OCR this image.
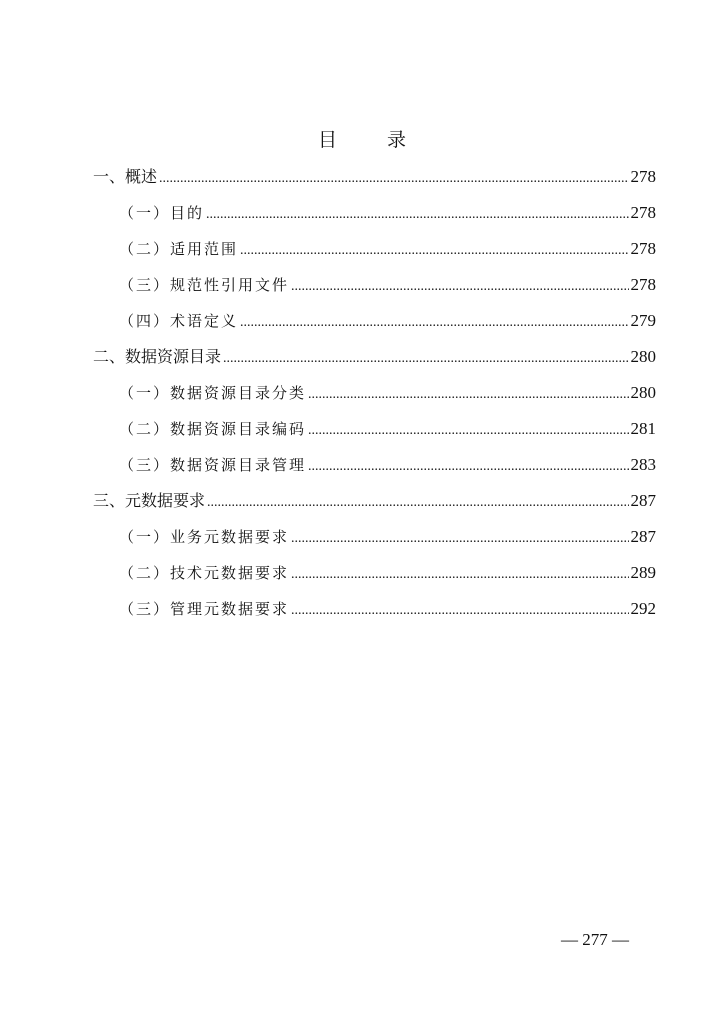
目 录
一、概述 .....	278
（一）目的 .....	278
（二）适用范围 .....	278
（三）规范性引用文件 .....	278
（四）术语定义 .....	279
二、数据资源目录 .....	280
（一）数据资源目录分类 .....	280
（二）数据资源目录编码 .....	281
（三）数据资源目录管理 .....	283
三、元数据要求 .....	287
（一）业务元数据要求 .....	287
（二）技术元数据要求 .....	289
（三）管理元数据要求 .....	292
— 277 —
